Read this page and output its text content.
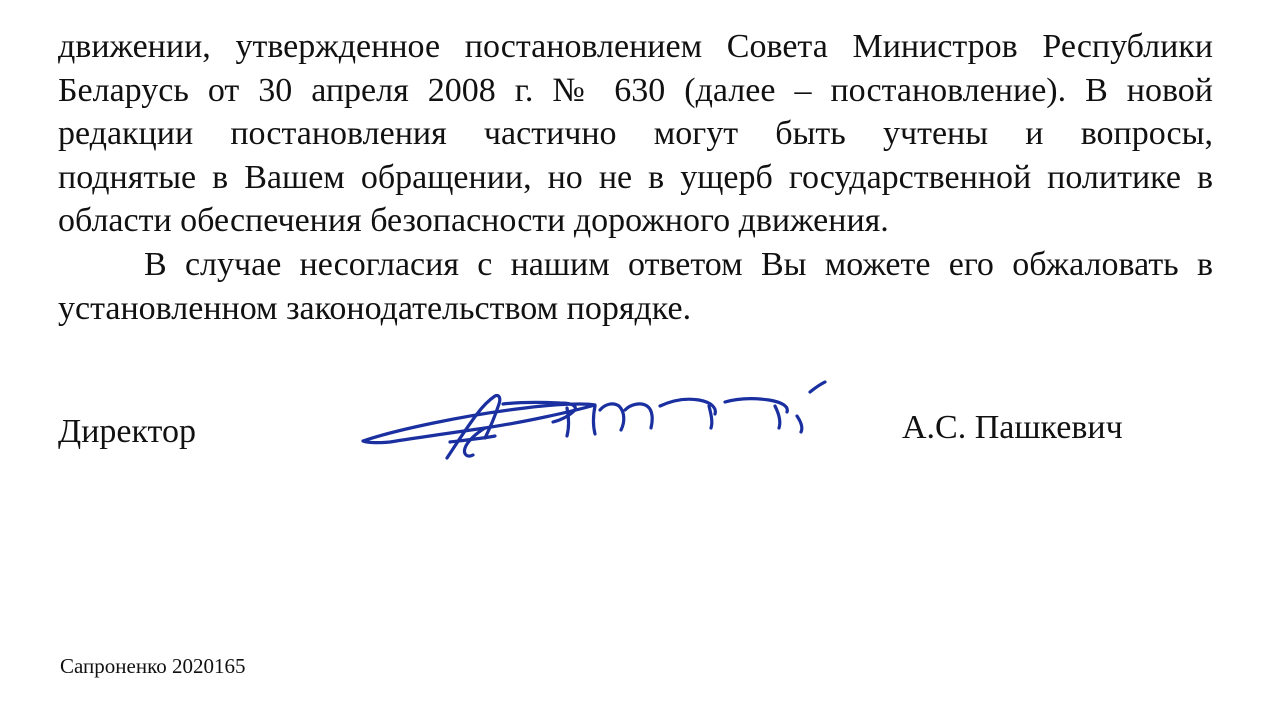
движении, утвержденное постановлением Совета Министров Республики
Беларусь от 30 апреля 2008 г. № 630 (далее – постановление). В новой
редакции постановления частично могут быть учтены и вопросы,
поднятые в Вашем обращении, но не в ущерб государственной политике в
области обеспечения безопасности дорожного движения.
В случае несогласия с нашим ответом Вы можете его обжаловать в
установленном законодательством порядке.
Директор	А.С. Пашкевич
Сапроненко 2020165
